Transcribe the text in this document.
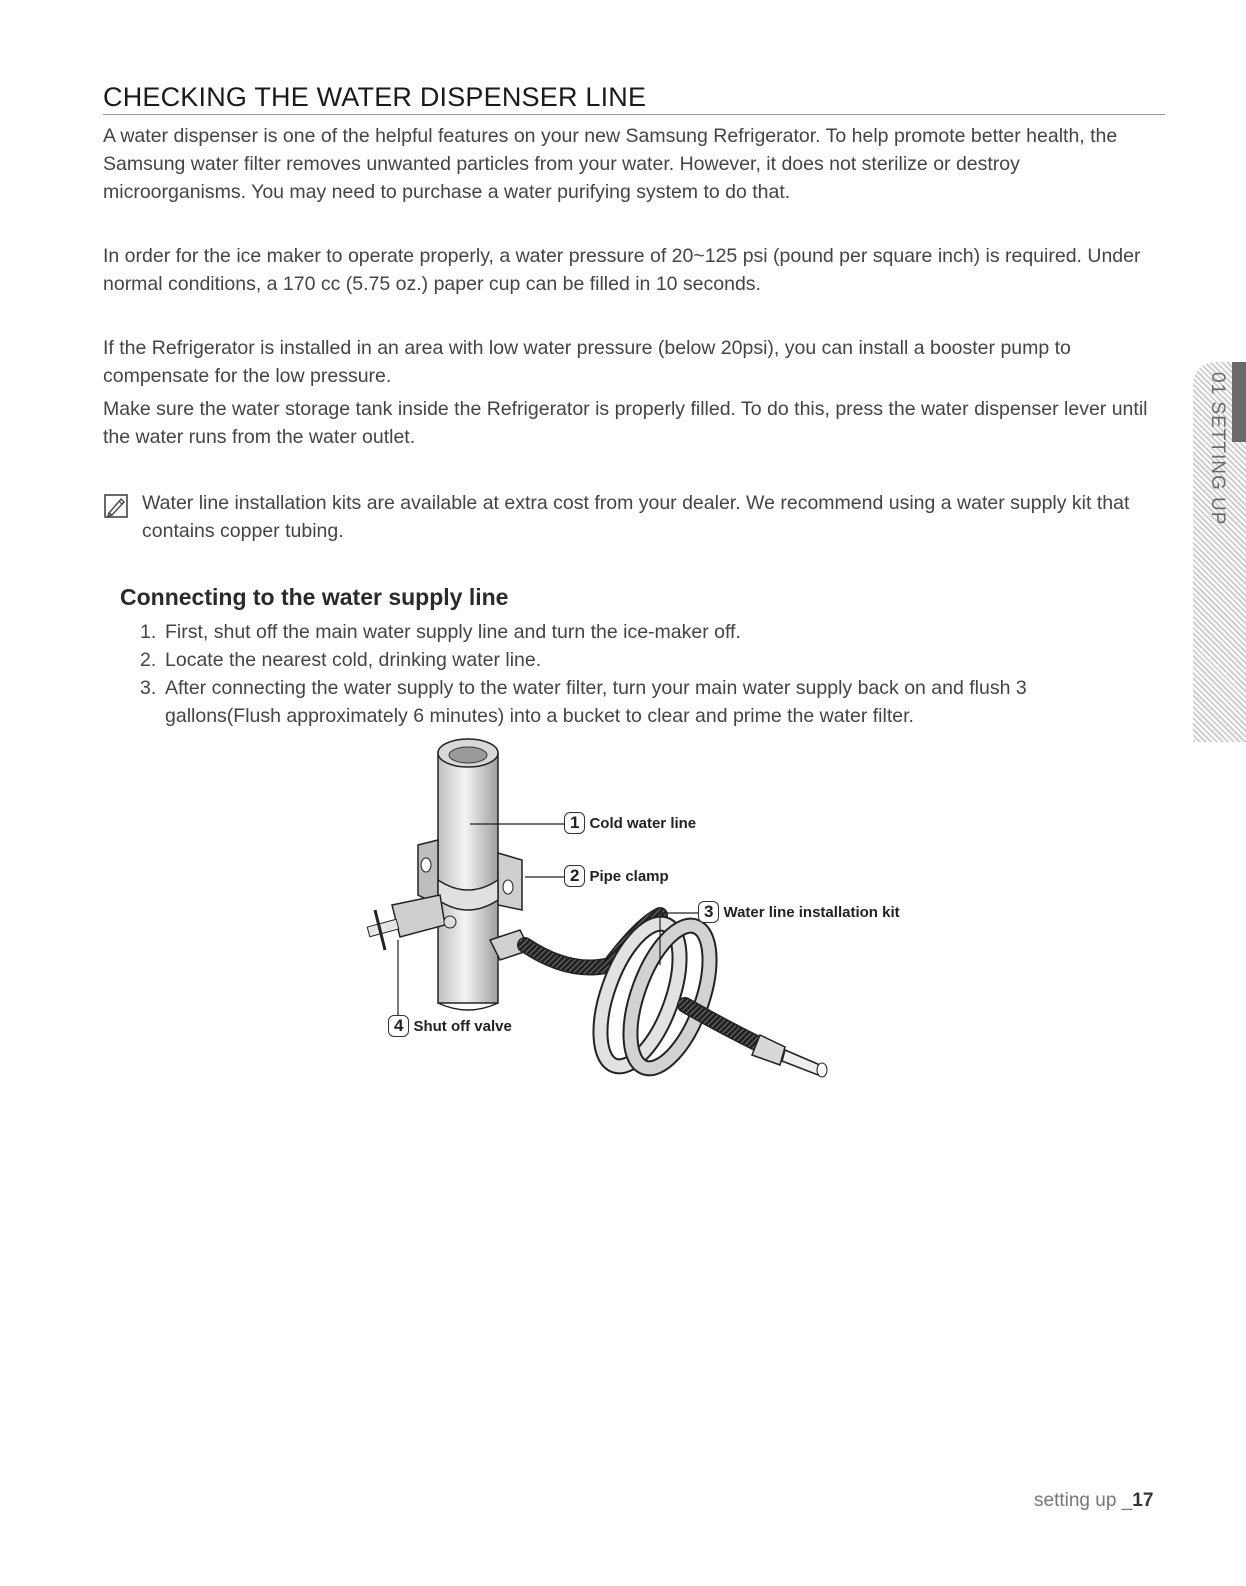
CHECKING THE WATER DISPENSER LINE

A water dispenser is one of the helpful features on your new Samsung Refrigerator. To help promote better health, the Samsung water filter removes unwanted particles from your water. However, it does not sterilize or destroy microorganisms. You may need to purchase a water purifying system to do that.

In order for the ice maker to operate properly, a water pressure of 20~125 psi (pound per square inch) is required. Under normal conditions, a 170 cc (5.75 oz.) paper cup can be filled in 10 seconds.

If the Refrigerator is installed in an area with low water pressure (below 20psi), you can install a booster pump to compensate for the low pressure.

Make sure the water storage tank inside the Refrigerator is properly filled. To do this, press the water dispenser lever until the water runs from the water outlet.

Water line installation kits are available at extra cost from your dealer. We recommend using a water supply kit that contains copper tubing.
Connecting to the water supply line
1. First, shut off the main water supply line and turn the ice-maker off.
2. Locate the nearest cold, drinking water line.
3. After connecting the water supply to the water filter, turn your main water supply back on and flush 3 gallons(Flush approximately 6 minutes) into a bucket to clear and prime the water filter.
01 SETTING UP
1 Cold water line
2 Pipe clamp
3 Water line installation kit
4 Shut off valve
setting up _17
